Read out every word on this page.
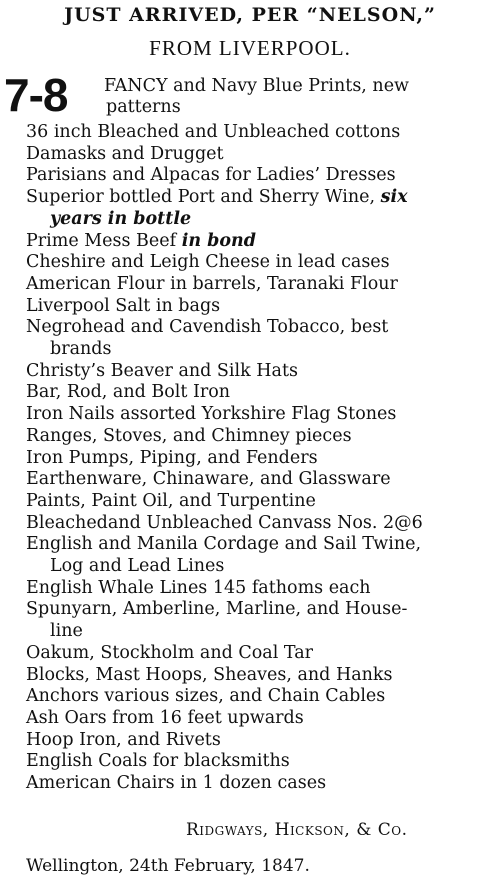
JUST ARRIVED, PER “NELSON,”
FROM LIVERPOOL.
7-8 FANCY and Navy Blue Prints, new
patterns
36 inch Bleached and Unbleached cottons
Damasks and Drugget
Parisians and Alpacas for Ladies’ Dresses
Superior bottled Port and Sherry Wine, six
years in bottle
Prime Mess Beef in bond
Cheshire and Leigh Cheese in lead cases
American Flour in barrels, Taranaki Flour
Liverpool Salt in bags
Negrohead and Cavendish Tobacco, best
brands
Christy’s Beaver and Silk Hats
Bar, Rod, and Bolt Iron
Iron Nails assorted Yorkshire Flag Stones
Ranges, Stoves, and Chimney pieces
Iron Pumps, Piping, and Fenders
Earthenware, Chinaware, and Glassware
Paints, Paint Oil, and Turpentine
Bleachedand Unbleached Canvass Nos. 2@6
English and Manila Cordage and Sail Twine,
Log and Lead Lines
English Whale Lines 145 fathoms each
Spunyarn, Amberline, Marline, and House-
line
Oakum, Stockholm and Coal Tar
Blocks, Mast Hoops, Sheaves, and Hanks
Anchors various sizes, and Chain Cables
Ash Oars from 16 feet upwards
Hoop Iron, and Rivets
English Coals for blacksmiths
American Chairs in 1 dozen cases
Ridgways, Hickson, & Co.
Wellington, 24th February, 1847.
